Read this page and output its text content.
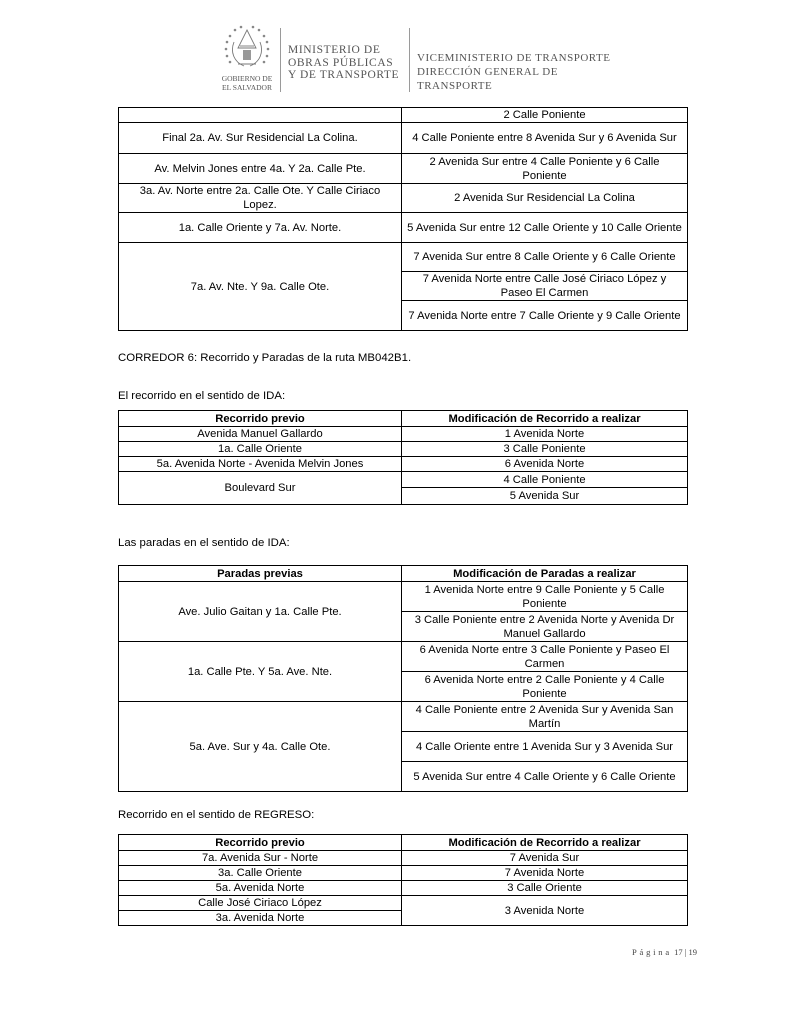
GOBIERNO DE
EL SALVADOR
MINISTERIO DE
OBRAS PÚBLICAS
Y DE TRANSPORTE
VICEMINISTERIO DE TRANSPORTE
DIRECCIÓN GENERAL DE TRANSPORTE
	2 Calle Poniente
Final 2a. Av. Sur Residencial La Colina.	4 Calle Poniente entre 8 Avenida Sur y 6 Avenida Sur
Av. Melvin Jones entre 4a. Y 2a. Calle Pte.	2 Avenida Sur entre 4 Calle Poniente y 6 Calle Poniente
3a. Av. Norte entre 2a. Calle Ote. Y Calle Ciriaco Lopez.	2 Avenida Sur Residencial La Colina
1a. Calle Oriente y 7a. Av. Norte.	5 Avenida Sur entre 12 Calle Oriente y 10 Calle Oriente
7a. Av. Nte. Y 9a. Calle Ote.	7 Avenida Sur entre 8 Calle Oriente y 6 Calle Oriente
	7 Avenida Norte entre Calle José Ciriaco López y Paseo El Carmen
	7 Avenida Norte entre 7 Calle Oriente y 9 Calle Oriente
CORREDOR 6: Recorrido y Paradas de la ruta MB042B1.
El recorrido en el sentido de IDA:
Recorrido previo	Modificación de Recorrido a realizar
Avenida Manuel Gallardo	1 Avenida Norte
1a. Calle Oriente	3 Calle Poniente
5a. Avenida Norte - Avenida Melvin Jones	6 Avenida Norte
Boulevard Sur	4 Calle Poniente
	5 Avenida Sur
Las paradas en el sentido de IDA:
Paradas previas	Modificación de Paradas a realizar
Ave. Julio Gaitan y 1a. Calle Pte.	1 Avenida Norte entre 9 Calle Poniente y 5 Calle Poniente
	3 Calle Poniente entre 2 Avenida Norte y Avenida Dr Manuel Gallardo
1a. Calle Pte. Y 5a. Ave. Nte.	6 Avenida Norte entre 3 Calle Poniente y Paseo El Carmen
	6 Avenida Norte entre 2 Calle Poniente y 4 Calle Poniente
5a. Ave. Sur y 4a. Calle Ote.	4 Calle Poniente entre 2 Avenida Sur y Avenida San Martín
	4 Calle Oriente entre 1 Avenida Sur y 3 Avenida Sur
	5 Avenida Sur entre 4 Calle Oriente y 6 Calle Oriente
Recorrido en el sentido de REGRESO:
Recorrido previo	Modificación de Recorrido a realizar
7a. Avenida Sur - Norte	7 Avenida Sur
3a. Calle Oriente	7 Avenida Norte
5a. Avenida Norte	3 Calle Oriente
Calle José Ciriaco López	3 Avenida Norte
3a. Avenida Norte	
Página 17 | 19
